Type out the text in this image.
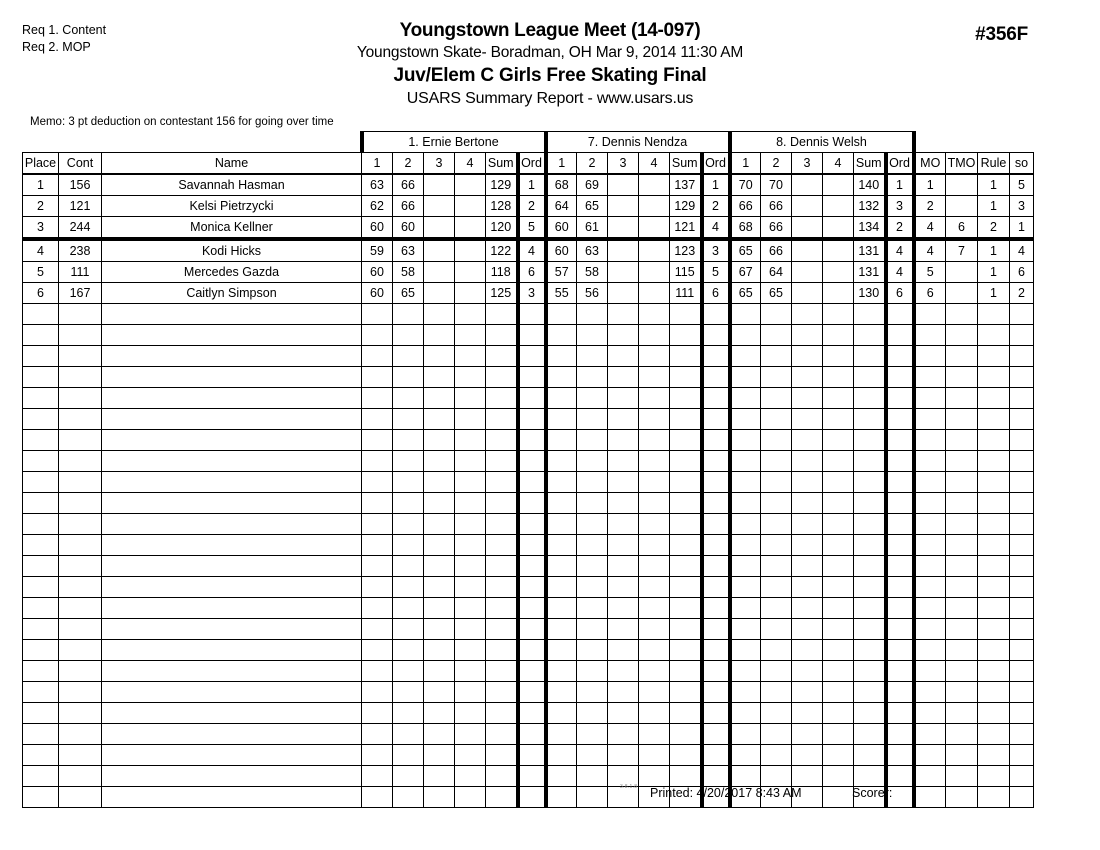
Req 1. Content
Req 2. MOP
#356F
Youngstown League Meet (14-097)
Youngstown Skate- Boradman, OH Mar 9, 2014 11:30 AM
Juv/Elem C Girls Free Skating Final
USARS Summary Report - www.usars.us
Memo: 3 pt deduction on contestant 156 for going over time
			1. Ernie Bertone						7. Dennis Nendza						8. Dennis Welsh									
Place	Cont	Name	1	2	3	4	Sum	Ord	1	2	3	4	Sum	Ord	1	2	3	4	Sum	Ord	MO	TMO	Rule	so
1	156	Savannah Hasman	63	66			129	1	68	69			137	1	70	70			140	1	1		1	5
2	121	Kelsi Pietrzycki	62	66			128	2	64	65			129	2	66	66			132	3	2		1	3
3	244	Monica Kellner	60	60			120	5	60	61			121	4	68	66			134	2	4	6	2	1
4	238	Kodi Hicks	59	63			122	4	60	63			123	3	65	66			131	4	4	7	1	4
5	111	Mercedes Gazda	60	58			118	6	57	58			115	5	67	64			131	4	5		1	6
6	167	Caitlyn Simpson	60	65			125	3	55	56			111	6	65	65			130	6	6		1	2

3.8.1.8 Printed: 4/20/2017 8:43 AM	Scorer:
